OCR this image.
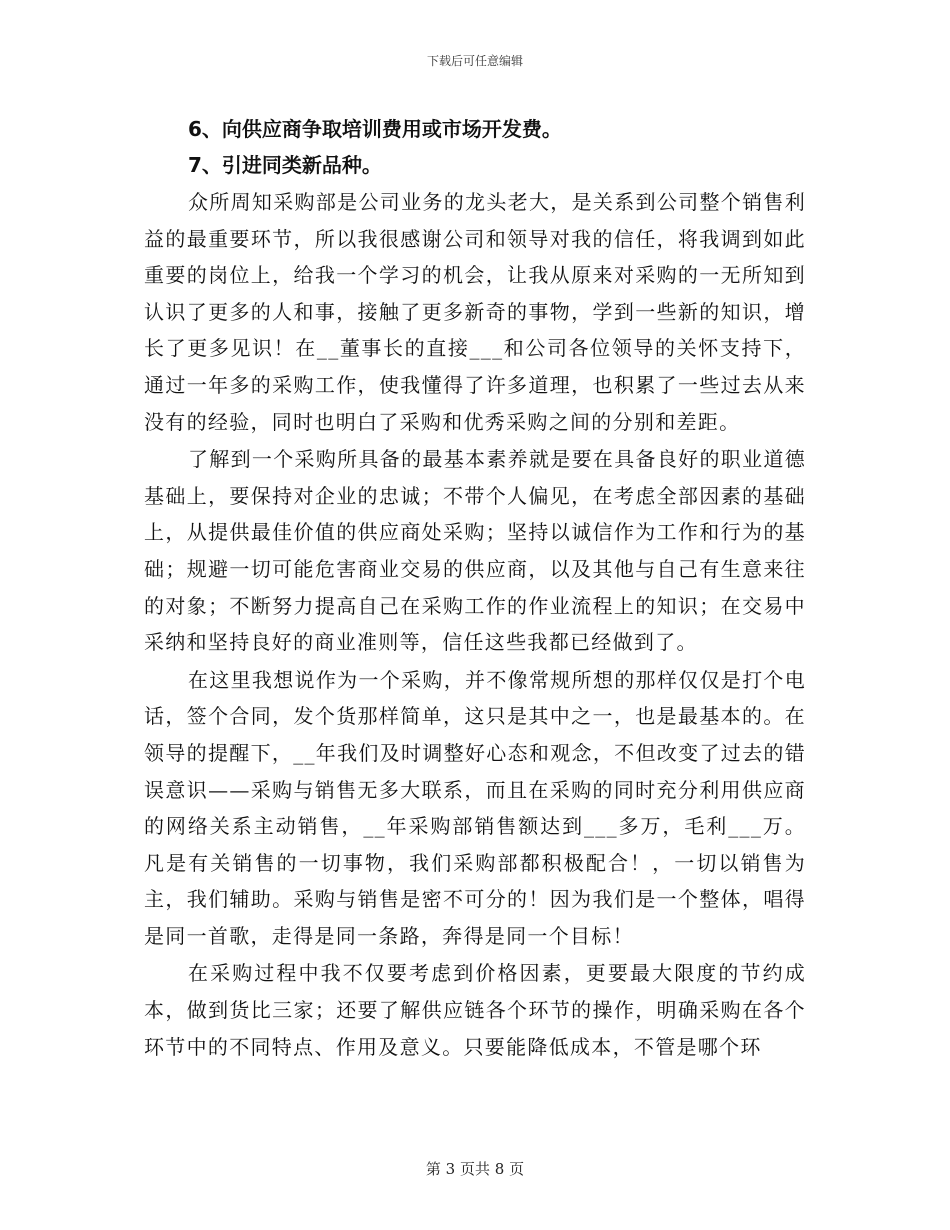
下载后可任意编辑
6、向供应商争取培训费用或市场开发费。
7、引进同类新品种。

众所周知采购部是公司业务的龙头老大，是关系到公司整个销售利益的最重要环节，所以我很感谢公司和领导对我的信任，将我调到如此重要的岗位上，给我一个学习的机会，让我从原来对采购的一无所知到认识了更多的人和事，接触了更多新奇的事物，学到一些新的知识，增长了更多见识！在__董事长的直接___和公司各位领导的关怀支持下，通过一年多的采购工作，使我懂得了许多道理，也积累了一些过去从来没有的经验，同时也明白了采购和优秀采购之间的分别和差距。

了解到一个采购所具备的最基本素养就是要在具备良好的职业道德基础上，要保持对企业的忠诚；不带个人偏见，在考虑全部因素的基础上，从提供最佳价值的供应商处采购；坚持以诚信作为工作和行为的基础；规避一切可能危害商业交易的供应商，以及其他与自己有生意来往的对象；不断努力提高自己在采购工作的作业流程上的知识；在交易中采纳和坚持良好的商业准则等，信任这些我都已经做到了。

在这里我想说作为一个采购，并不像常规所想的那样仅仅是打个电话，签个合同，发个货那样简单，这只是其中之一，也是最基本的。在领导的提醒下，__年我们及时调整好心态和观念，不但改变了过去的错误意识——采购与销售无多大联系，而且在采购的同时充分利用供应商的网络关系主动销售，__年采购部销售额达到___多万，毛利___万。凡是有关销售的一切事物，我们采购部都积极配合！，一切以销售为主，我们辅助。采购与销售是密不可分的！因为我们是一个整体，唱得是同一首歌，走得是同一条路，奔得是同一个目标！

在采购过程中我不仅要考虑到价格因素，更要最大限度的节约成本，做到货比三家；还要了解供应链各个环节的操作，明确采购在各个环节中的不同特点、作用及意义。只要能降低成本，不管是哪个环

第 3 页共 8 页
